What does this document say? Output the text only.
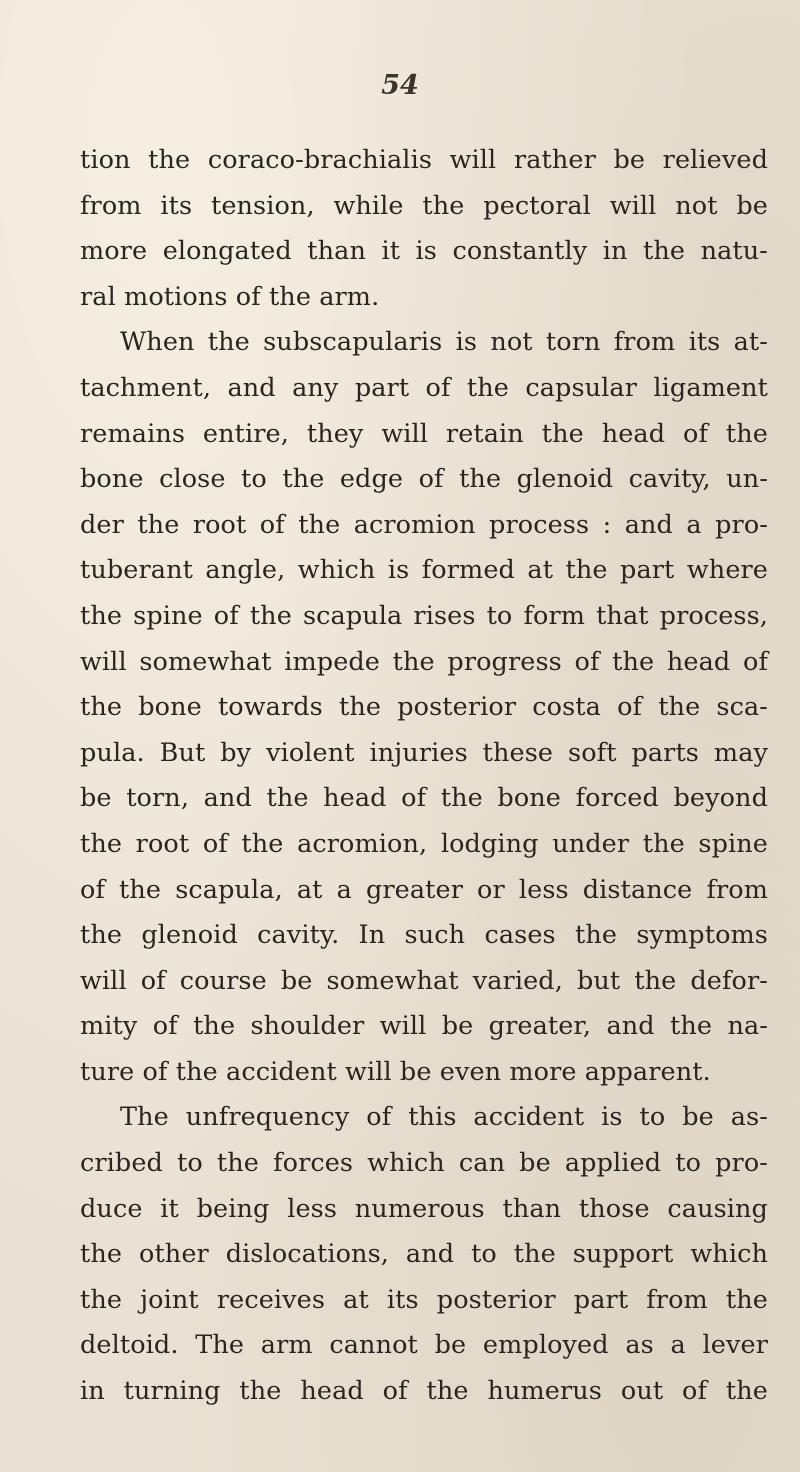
54
tion the coraco-brachialis will rather be relieved
from its tension, while the pectoral will not be
more elongated than it is constantly in the natu-
ral motions of the arm.
When the subscapularis is not torn from its at-
tachment, and any part of the capsular ligament
remains entire, they will retain the head of the
bone close to the edge of the glenoid cavity, un-
der the root of the acromion process : and a pro-
tuberant angle, which is formed at the part where
the spine of the scapula rises to form that process,
will somewhat impede the progress of the head of
the bone towards the posterior costa of the sca-
pula. But by violent injuries these soft parts may
be torn, and the head of the bone forced beyond
the root of the acromion, lodging under the spine
of the scapula, at a greater or less distance from
the glenoid cavity. In such cases the symptoms
will of course be somewhat varied, but the defor-
mity of the shoulder will be greater, and the na-
ture of the accident will be even more apparent.
The unfrequency of this accident is to be as-
cribed to the forces which can be applied to pro-
duce it being less numerous than those causing
the other dislocations, and to the support which
the joint receives at its posterior part from the
deltoid. The arm cannot be employed as a lever
in turning the head of the humerus out of the
